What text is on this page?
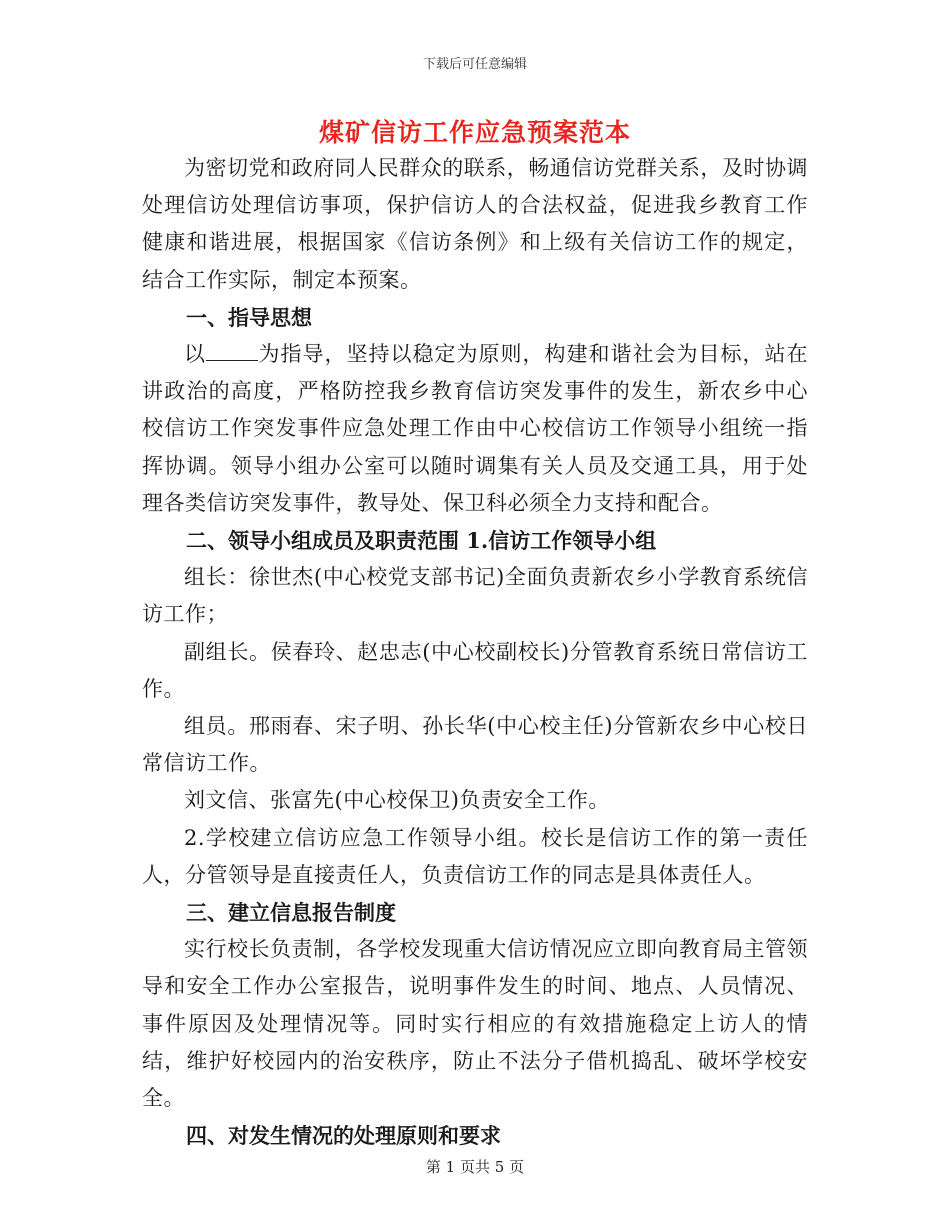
下载后可任意编辑
煤矿信访工作应急预案范本

为密切党和政府同人民群众的联系，畅通信访党群关系，及时协调处理信访处理信访事项，保护信访人的合法权益，促进我乡教育工作健康和谐进展，根据国家《信访条例》和上级有关信访工作的规定，结合工作实际，制定本预案。

一、指导思想

以 为指导，坚持以稳定为原则，构建和谐社会为目标，站在讲政治的高度，严格防控我乡教育信访突发事件的发生，新农乡中心校信访工作突发事件应急处理工作由中心校信访工作领导小组统一指挥协调。领导小组办公室可以随时调集有关人员及交通工具，用于处理各类信访突发事件，教导处、保卫科必须全力支持和配合。

二、领导小组成员及职责范围 1.信访工作领导小组

组长：徐世杰(中心校党支部书记)全面负责新农乡小学教育系统信访工作；

副组长。侯春玲、赵忠志(中心校副校长)分管教育系统日常信访工作。

组员。邢雨春、宋子明、孙长华(中心校主任)分管新农乡中心校日常信访工作。

刘文信、张富先(中心校保卫)负责安全工作。

2.学校建立信访应急工作领导小组。校长是信访工作的第一责任人，分管领导是直接责任人，负责信访工作的同志是具体责任人。

三、建立信息报告制度

实行校长负责制，各学校发现重大信访情况应立即向教育局主管领导和安全工作办公室报告，说明事件发生的时间、地点、人员情况、事件原因及处理情况等。同时实行相应的有效措施稳定上访人的情结，维护好校园内的治安秩序，防止不法分子借机捣乱、破坏学校安全。

四、对发生情况的处理原则和要求

第 1 页共 5 页
